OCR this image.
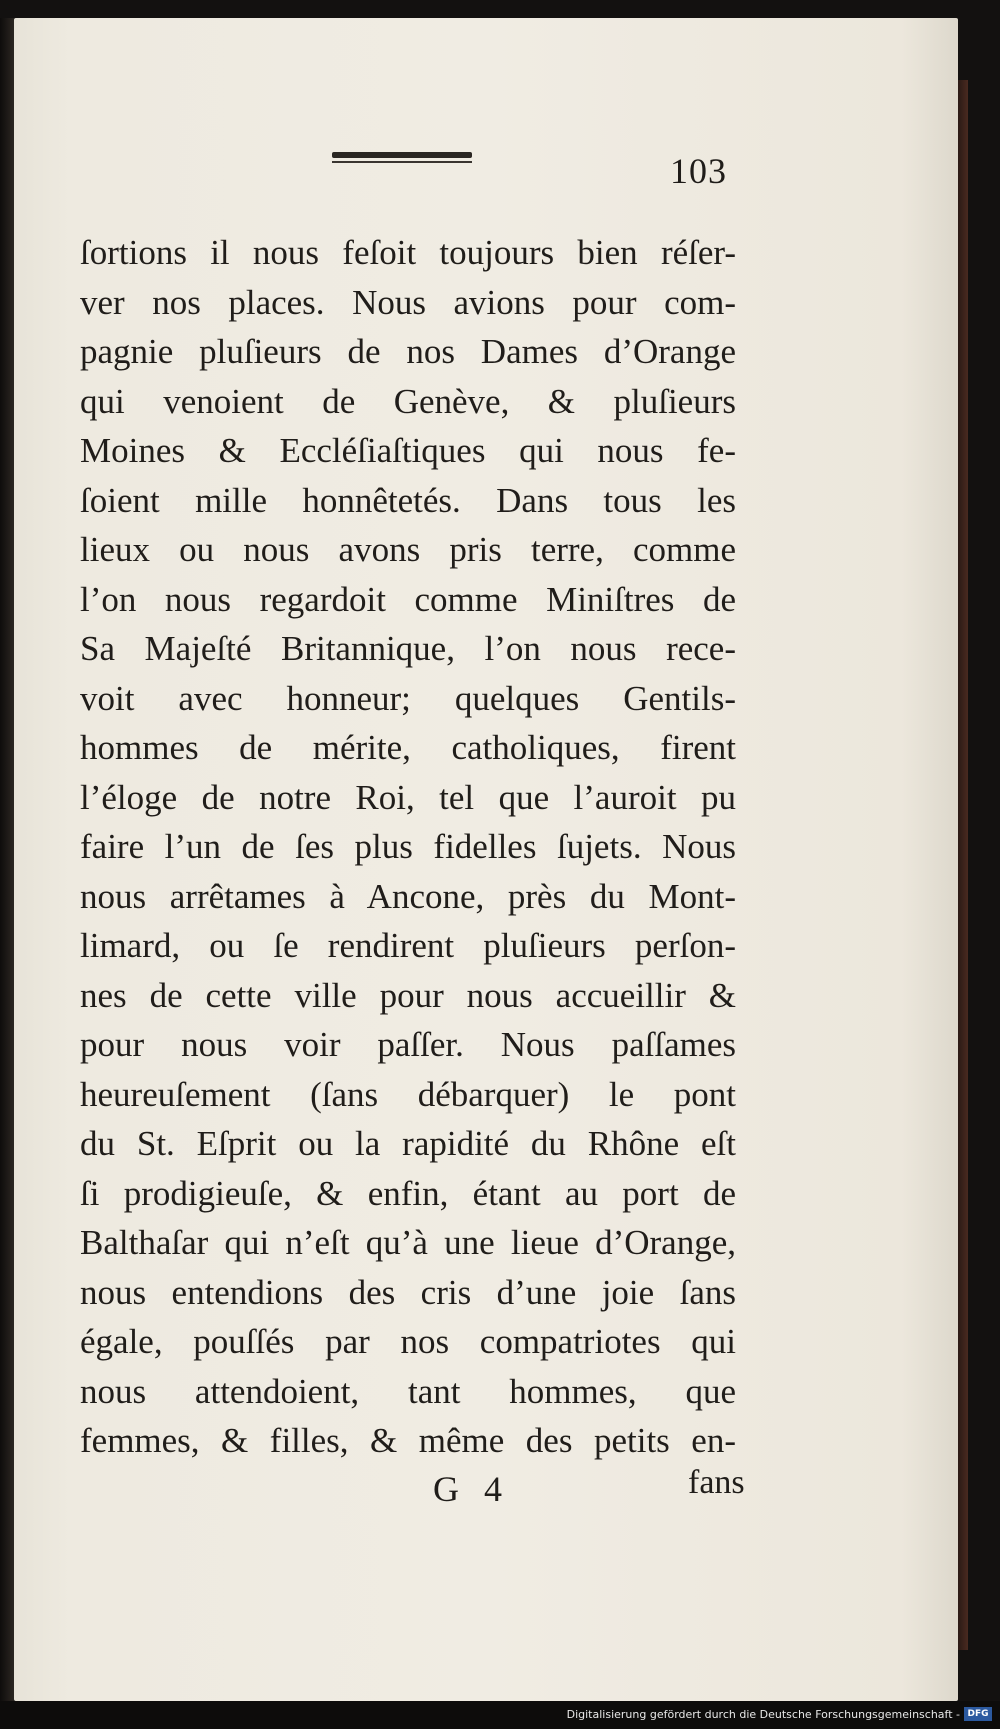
103
ſortions il nous feſoit toujours bien réſer-
ver nos places. Nous avions pour com-
pagnie pluſieurs de nos Dames d’Orange
qui venoient de Genève, & pluſieurs
Moines & Eccléſiaſtiques qui nous fe-
ſoient mille honnêtetés. Dans tous les
lieux ou nous avons pris terre, comme
l’on nous regardoit comme Miniſtres de
Sa Majeſté Britannique, l’on nous rece-
voit avec honneur; quelques Gentils-
hommes de mérite, catholiques, firent
l’éloge de notre Roi, tel que l’auroit pu
faire l’un de ſes plus fidelles ſujets. Nous
nous arrêtames à Ancone, près du Mont-
limard, ou ſe rendirent pluſieurs perſon-
nes de cette ville pour nous accueillir &
pour nous voir paſſer. Nous paſſames
heureuſement (ſans débarquer) le pont
du St. Eſprit ou la rapidité du Rhône eſt
ſi prodigieuſe, & enfin, étant au port de
Balthaſar qui n’eſt qu’à une lieue d’Orange,
nous entendions des cris d’une joie ſans
égale, pouſſés par nos compatriotes qui
nous attendoient, tant hommes, que
femmes, & filles, & même des petits en-
G 4	fans
Digitalisierung gefördert durch die Deutsche Forschungsgemeinschaft - DFG
